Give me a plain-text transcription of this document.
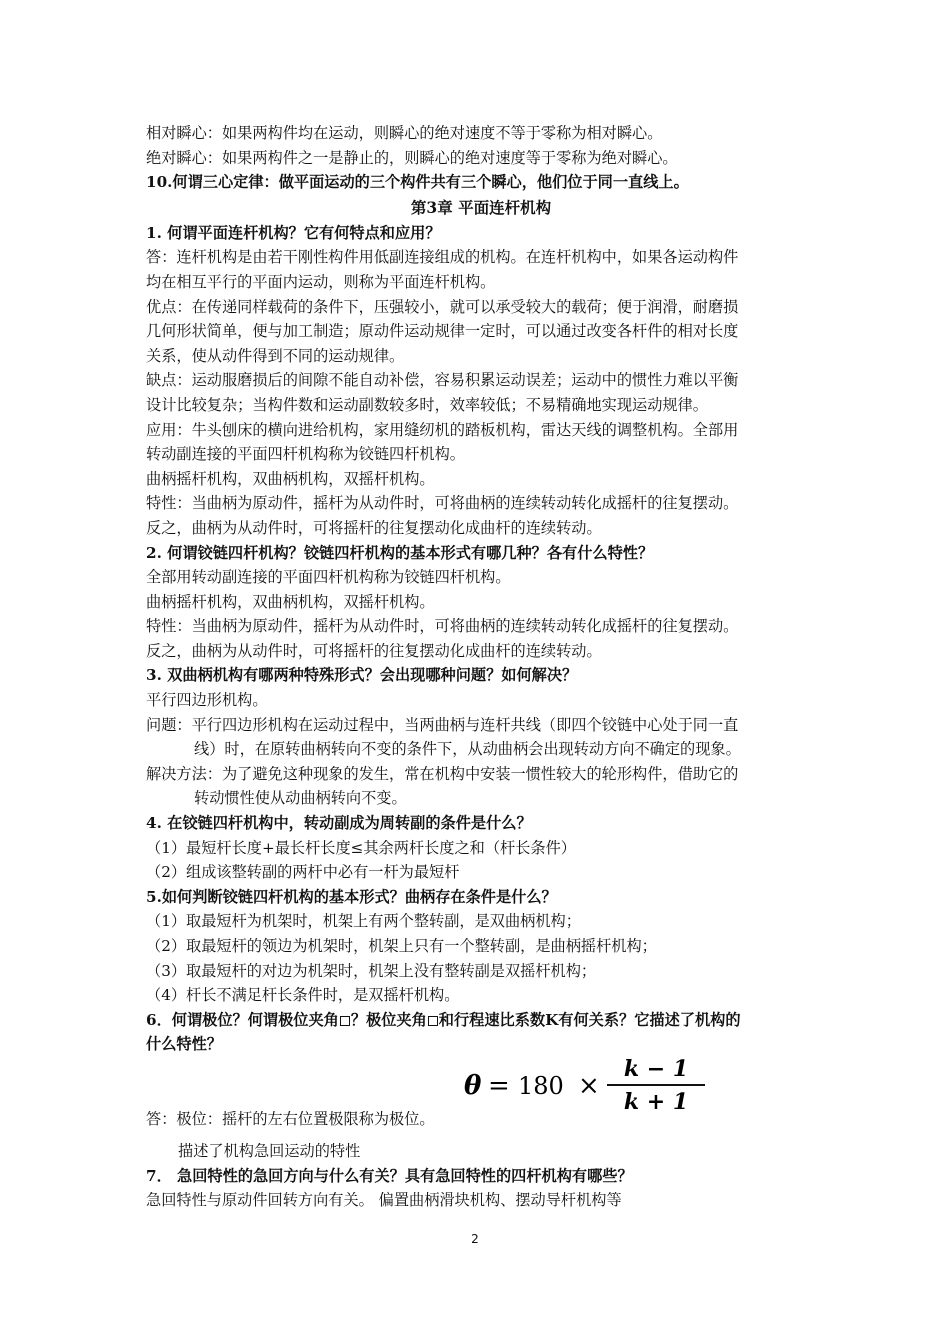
相对瞬心：如果两构件均在运动，则瞬心的绝对速度不等于零称为相对瞬心。
绝对瞬心：如果两构件之一是静止的，则瞬心的绝对速度等于零称为绝对瞬心。
10.何谓三心定律：做平面运动的三个构件共有三个瞬心，他们位于同一直线上。
第3章 平面连杆机构
1. 何谓平面连杆机构？它有何特点和应用？
答：连杆机构是由若干刚性构件用低副连接组成的机构。在连杆机构中，如果各运动构件
均在相互平行的平面内运动，则称为平面连杆机构。
优点：在传递同样载荷的条件下，压强较小，就可以承受较大的载荷；便于润滑，耐磨损
几何形状简单，便与加工制造；原动件运动规律一定时，可以通过改变各杆件的相对长度
关系，使从动件得到不同的运动规律。
缺点：运动服磨损后的间隙不能自动补偿，容易积累运动误差；运动中的惯性力难以平衡
设计比较复杂；当构件数和运动副数较多时，效率较低；不易精确地实现运动规律。
应用：牛头刨床的横向进给机构，家用缝纫机的踏板机构，雷达天线的调整机构。全部用
转动副连接的平面四杆机构称为铰链四杆机构。
曲柄摇杆机构，双曲柄机构，双摇杆机构。
特性：当曲柄为原动件，摇杆为从动件时，可将曲柄的连续转动转化成摇杆的往复摆动。
反之，曲柄为从动件时，可将摇杆的往复摆动化成曲杆的连续转动。
2. 何谓铰链四杆机构？铰链四杆机构的基本形式有哪几种？各有什么特性？
全部用转动副连接的平面四杆机构称为铰链四杆机构。
曲柄摇杆机构，双曲柄机构，双摇杆机构。
特性：当曲柄为原动件，摇杆为从动件时，可将曲柄的连续转动转化成摇杆的往复摆动。
反之，曲柄为从动件时，可将摇杆的往复摆动化成曲杆的连续转动。
3. 双曲柄机构有哪两种特殊形式？会出现哪种问题？如何解决？
平行四边形机构。
问题：平行四边形机构在运动过程中，当两曲柄与连杆共线（即四个铰链中心处于同一直
线）时，在原转曲柄转向不变的条件下，从动曲柄会出现转动方向不确定的现象。
解决方法：为了避免这种现象的发生，常在机构中安装一惯性较大的轮形构件，借助它的
转动惯性使从动曲柄转向不变。
4. 在铰链四杆机构中，转动副成为周转副的条件是什么？
（1）最短杆长度+最长杆长度≤其余两杆长度之和（杆长条件）
（2）组成该整转副的两杆中必有一杆为最短杆
5.如何判断铰链四杆机构的基本形式？曲柄存在条件是什么？
（1）取最短杆为机架时，机架上有两个整转副，是双曲柄机构；
（2）取最短杆的领边为机架时，机架上只有一个整转副，是曲柄摇杆机构；
（3）取最短杆的对边为机架时，机架上没有整转副是双摇杆机构；
（4）杆长不满足杆长条件时，是双摇杆机构。
6．何谓极位？何谓极位夹角 ？极位夹角 和行程速比系数K有何关系？它描述了机构的
什么特性？
答：极位：摇杆的左右位置极限称为极位。
θ = 180 ×
k − 1
k + 1
描述了机构急回运动的特性
7． 急回特性的急回方向与什么有关？具有急回特性的四杆机构有哪些？
急回特性与原动件回转方向有关。 偏置曲柄滑块机构、摆动导杆机构等
2
